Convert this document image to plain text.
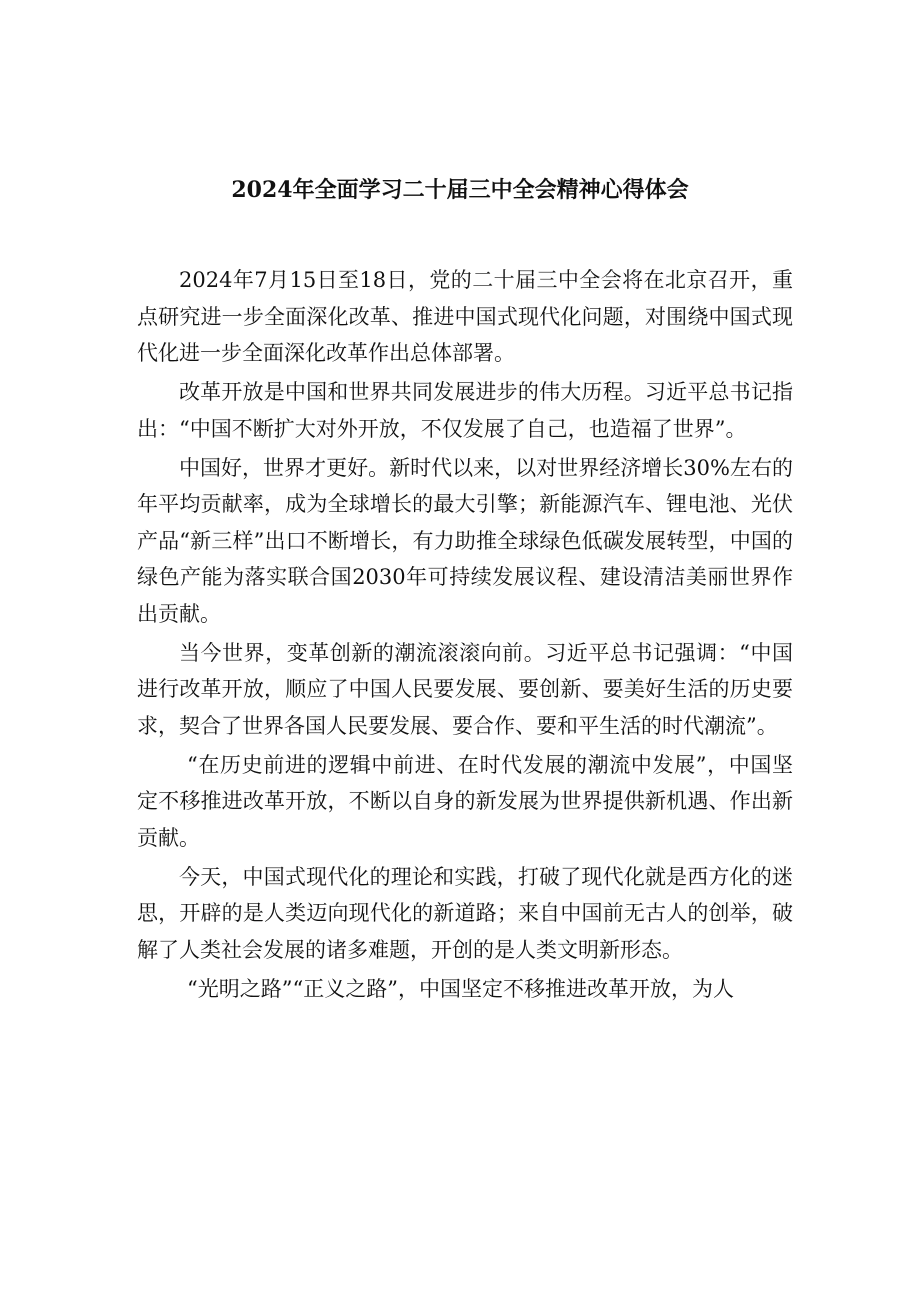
2024年全面学习二十届三中全会精神心得体会

2024年7月15日至18日，党的二十届三中全会将在北京召开，重点研究进一步全面深化改革、推进中国式现代化问题，对围绕中国式现代化进一步全面深化改革作出总体部署。

改革开放是中国和世界共同发展进步的伟大历程。习近平总书记指出：“中国不断扩大对外开放，不仅发展了自己，也造福了世界”。

中国好，世界才更好。新时代以来，以对世界经济增长30%左右的年平均贡献率，成为全球增长的最大引擎；新能源汽车、锂电池、光伏产品“新三样”出口不断增长，有力助推全球绿色低碳发展转型，中国的绿色产能为落实联合国2030年可持续发展议程、建设清洁美丽世界作出贡献。

当今世界，变革创新的潮流滚滚向前。习近平总书记强调：“中国进行改革开放，顺应了中国人民要发展、要创新、要美好生活的历史要求，契合了世界各国人民要发展、要合作、要和平生活的时代潮流”。

“在历史前进的逻辑中前进、在时代发展的潮流中发展”，中国坚定不移推进改革开放，不断以自身的新发展为世界提供新机遇、作出新贡献。

今天，中国式现代化的理论和实践，打破了现代化就是西方化的迷思，开辟的是人类迈向现代化的新道路；来自中国前无古人的创举，破解了人类社会发展的诸多难题，开创的是人类文明新形态。

“光明之路”“正义之路”，中国坚定不移推进改革开放，为人
